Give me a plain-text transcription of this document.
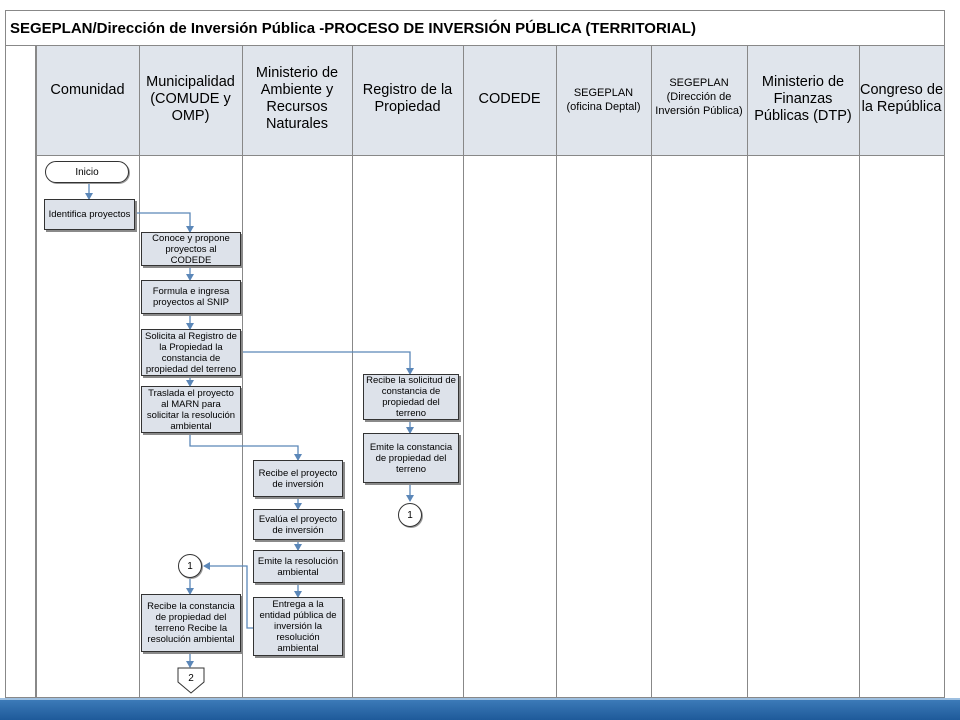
SEGEPLAN/Dirección de Inversión Pública -PROCESO DE INVERSIÓN PÚBLICA (TERRITORIAL)
Comunidad Municipalidad
(COMUDE y
OMP)
Ministerio de
Ambiente y
Recursos
Naturales
Registro de la
Propiedad	CODEDE	SEGEPLAN
(oficina Deptal)
SEGEPLAN
(Dirección de
Inversión Pública)
Ministerio de
Finanzas
Públicas (DTP)
Congreso de
la República
Inicio
Identifica proyectos
Conoce y propone proyectos al CODEDE
Formula e ingresa proyectos al SNIP
Solicita al Registro de la Propiedad la constancia de propiedad del terreno
Traslada el proyecto al MARN para solicitar la resolución ambiental
Recibe la solicitud de constancia de propiedad del terreno
Emite la constancia de propiedad del terreno
1
Recibe el proyecto de inversión
Evalúa el proyecto de inversión
Emite la resolución ambiental
Entrega a la entidad pública de inversión la resolución ambiental
1
Recibe la constancia de propiedad del terreno Recibe la resolución ambiental
2
